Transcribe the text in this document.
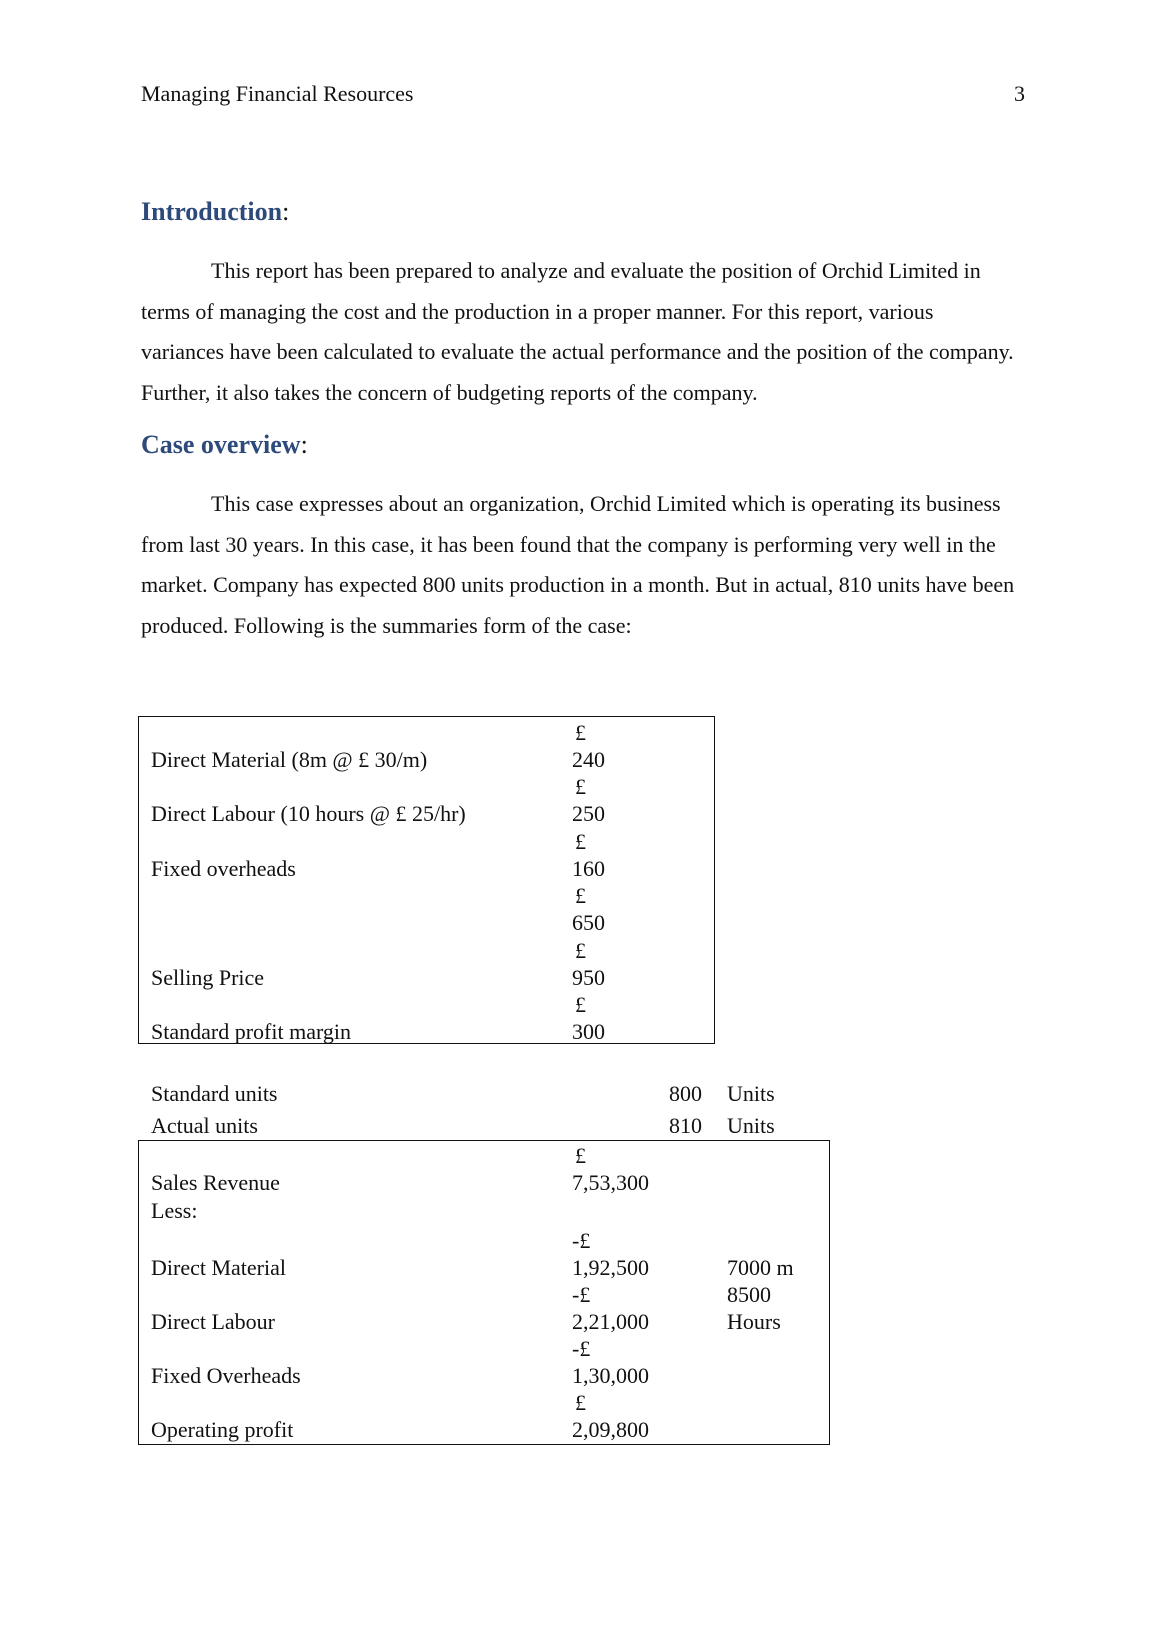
Managing Financial Resources	3
Introduction:

This report has been prepared to analyze and evaluate the position of Orchid Limited in terms of managing the cost and the production in a proper manner. For this report, various variances have been calculated to evaluate the actual performance and the position of the company. Further, it also takes the concern of budgeting reports of the company.

Case overview:

This case expresses about an organization, Orchid Limited which is operating its business from last 30 years. In this case, it has been found that the company is performing very well in the market. Company has expected 800 units production in a month. But in actual, 810 units have been produced. Following is the summaries form of the case:

£
Direct Material (8m @ £ 30/m)	240
£
Direct Labour (10 hours @ £ 25/hr)	250
£
Fixed overheads	160
£
650
£
Selling Price	950
£
Standard profit margin	300
Standard units	800 Units
Actual units	810 Units
£
Sales Revenue	7,53,300
Less:
-£
Direct Material	1,92,500	7000 m
-£	8500
Direct Labour	2,21,000	Hours
-£
Fixed Overheads	1,30,000
£
Operating profit	2,09,800
